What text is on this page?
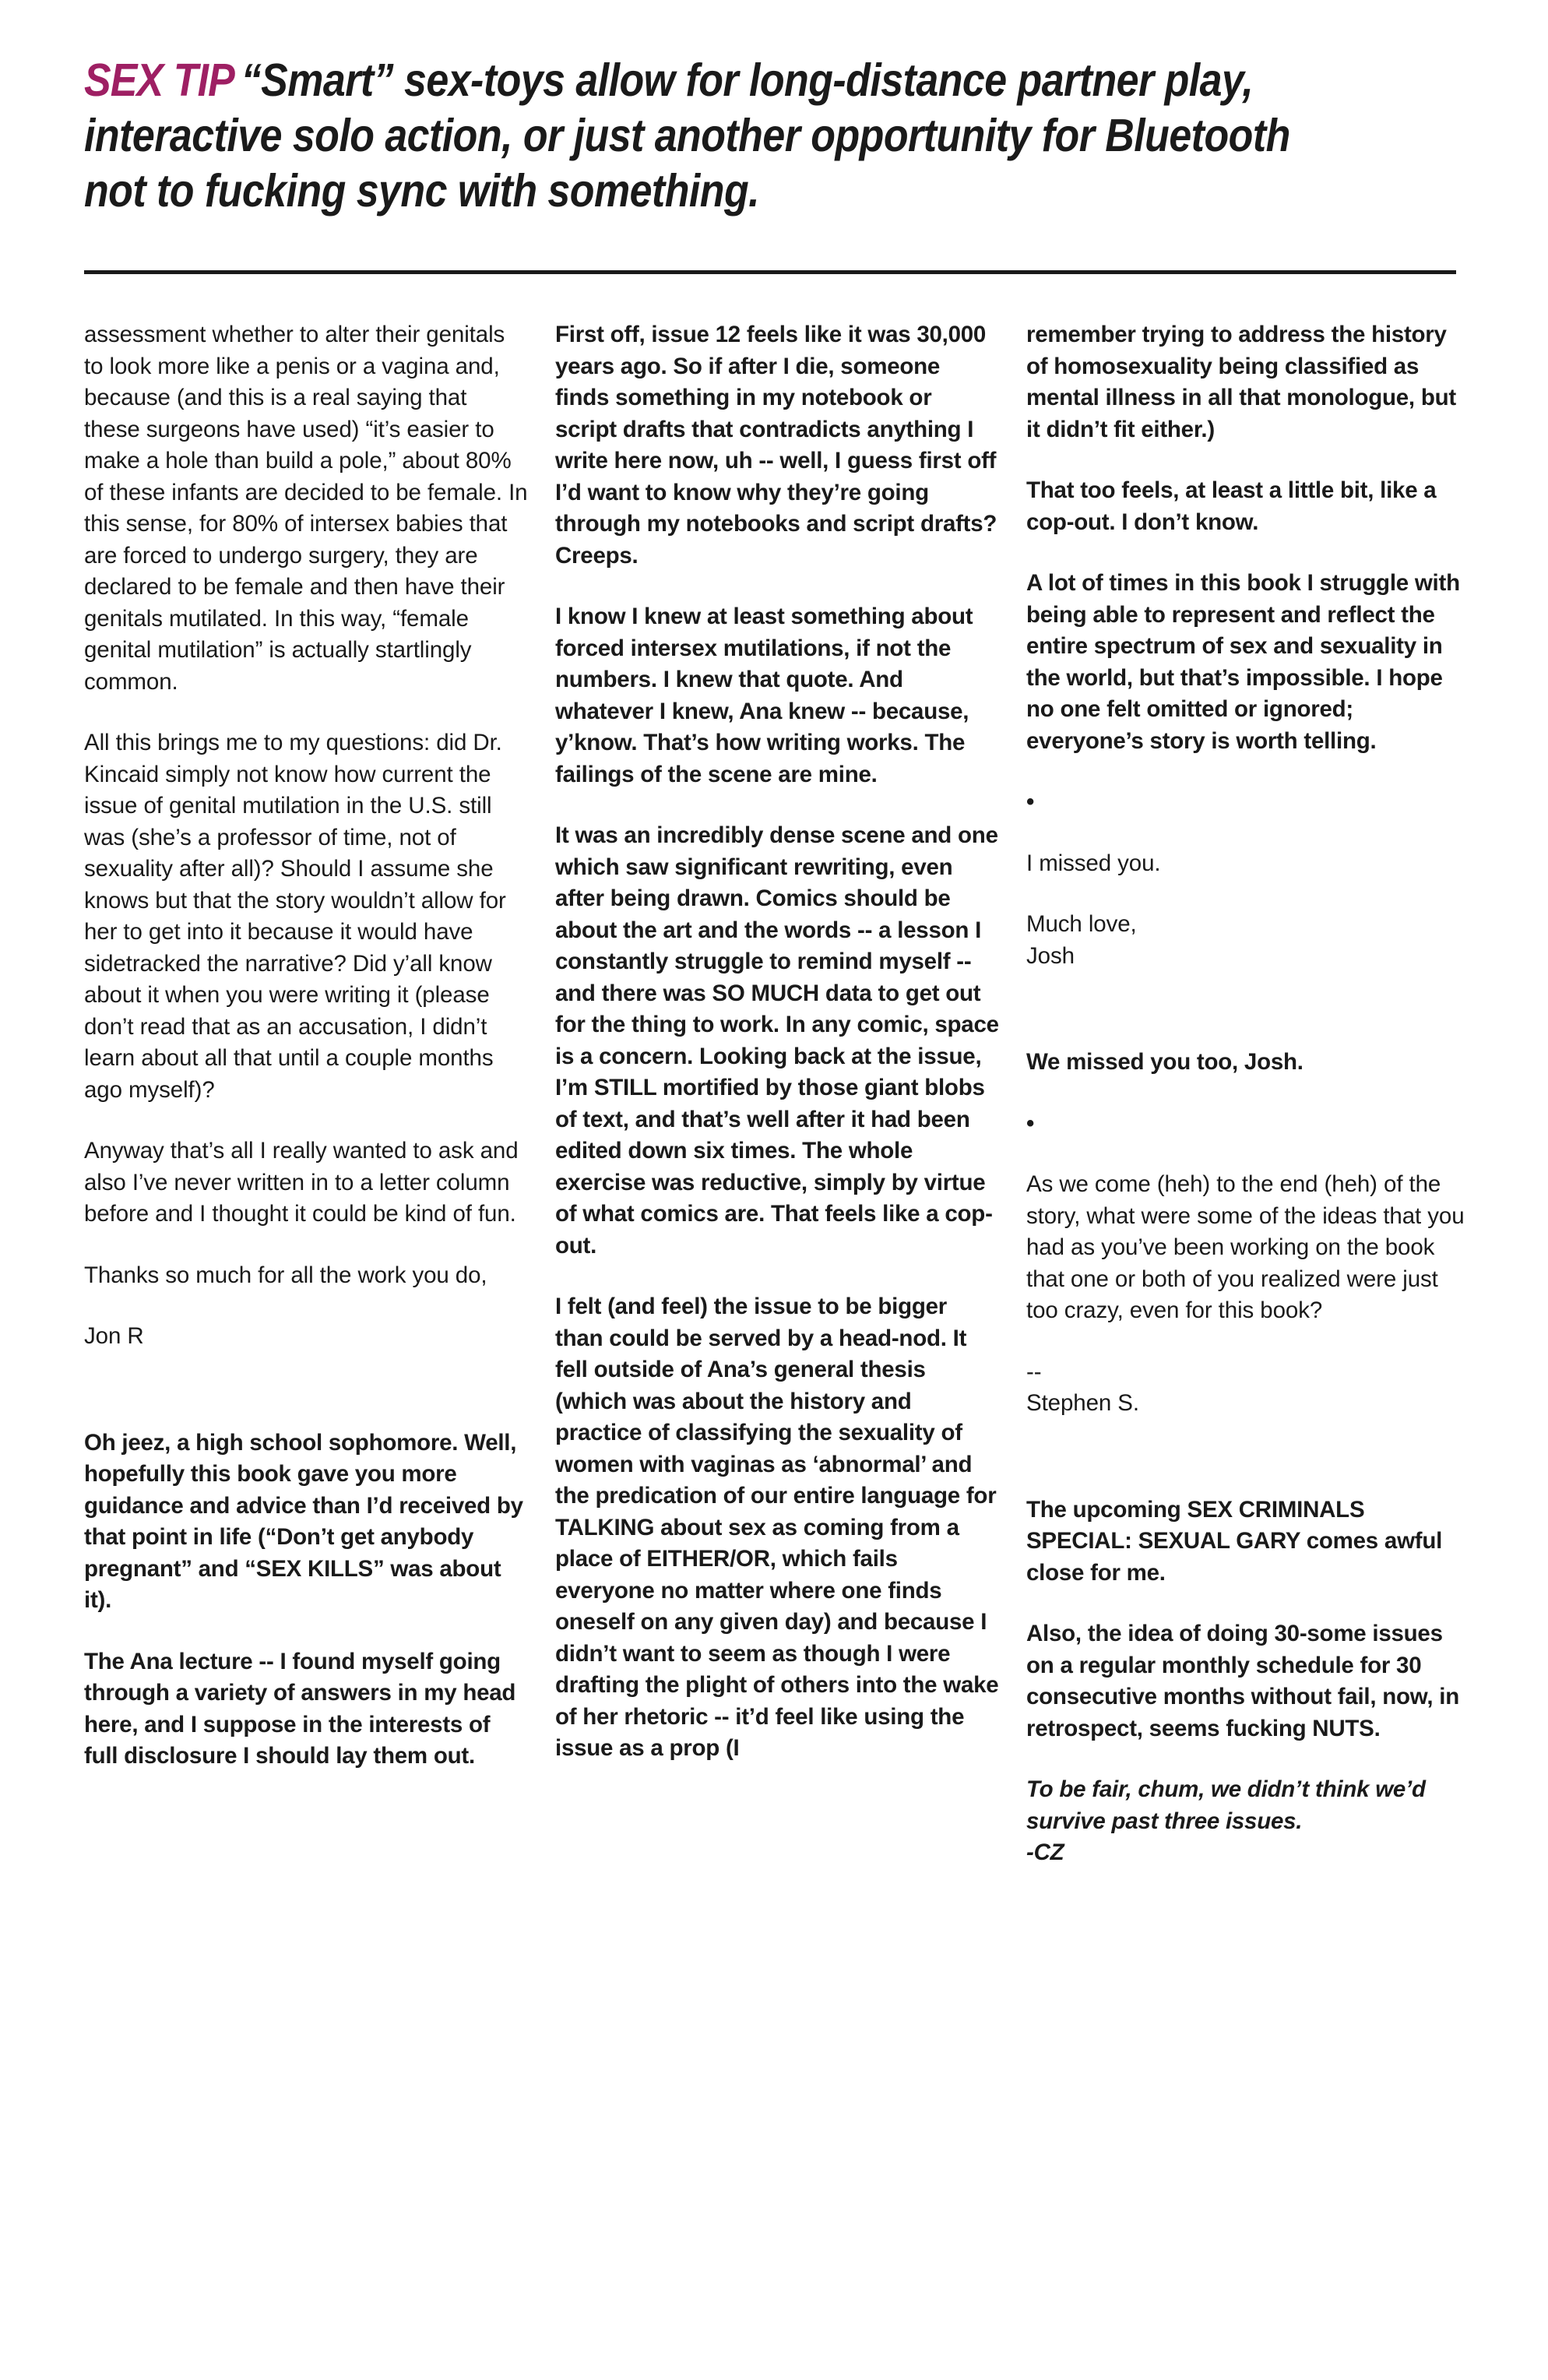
SEX TIP “Smart” sex-toys allow for long-distance partner play, interactive solo action, or just another opportunity for Bluetooth not to fucking sync with something.

assessment whether to alter their genitals to look more like a penis or a vagina and, because (and this is a real saying that these surgeons have used) “it’s easier to make a hole than build a pole,” about 80% of these infants are decided to be female. In this sense, for 80% of intersex babies that are forced to undergo surgery, they are declared to be female and then have their genitals mutilated. In this way, “female genital mutilation” is actually startlingly common.

All this brings me to my questions: did Dr. Kincaid simply not know how current the issue of genital mutilation in the U.S. still was (she’s a professor of time, not of sexuality after all)? Should I assume she knows but that the story wouldn’t allow for her to get into it because it would have sidetracked the narrative? Did y’all know about it when you were writing it (please don’t read that as an accusation, I didn’t learn about all that until a couple months ago myself)?

Anyway that’s all I really wanted to ask and also I’ve never written in to a letter column before and I thought it could be kind of fun.

Thanks so much for all the work you do,

Jon R

Oh jeez, a high school sophomore. Well, hopefully this book gave you more guidance and advice than I’d received by that point in life (“Don’t get anybody pregnant” and “SEX KILLS” was about it).

The Ana lecture -- I found myself going through a variety of answers in my head here, and I suppose in the interests of full disclosure I should lay them out.

First off, issue 12 feels like it was 30,000 years ago. So if after I die, someone finds something in my notebook or script drafts that contradicts anything I write here now, uh -- well, I guess first off I’d want to know why they’re going through my notebooks and script drafts? Creeps.

I know I knew at least something about forced intersex mutilations, if not the numbers. I knew that quote. And whatever I knew, Ana knew -- because, y’know. That’s how writing works. The failings of the scene are mine.

It was an incredibly dense scene and one which saw significant rewriting, even after being drawn. Comics should be about the art and the words -- a lesson I constantly struggle to remind myself -- and there was SO MUCH data to get out for the thing to work. In any comic, space is a concern. Looking back at the issue, I’m STILL mortified by those giant blobs of text, and that’s well after it had been edited down six times. The whole exercise was reductive, simply by virtue of what comics are. That feels like a cop-out.

I felt (and feel) the issue to be bigger than could be served by a head-nod. It fell outside of Ana’s general thesis (which was about the history and practice of classifying the sexuality of women with vaginas as ‘abnormal’ and the predication of our entire language for TALKING about sex as coming from a place of EITHER/OR, which fails everyone no matter where one finds oneself on any given day) and because I didn’t want to seem as though I were drafting the plight of others into the wake of her rhetoric -- it’d feel like using the issue as a prop (I

remember trying to address the history of homosexuality being classified as mental illness in all that monologue, but it didn’t fit either.)

That too feels, at least a little bit, like a cop-out. I don’t know.

A lot of times in this book I struggle with being able to represent and reflect the entire spectrum of sex and sexuality in the world, but that’s impossible. I hope no one felt omitted or ignored; everyone’s story is worth telling.

•

I missed you.

Much love,

Josh

We missed you too, Josh.

•

As we come (heh) to the end (heh) of the story, what were some of the ideas that you had as you’ve been working on the book that one or both of you realized were just too crazy, even for this book?

--

Stephen S.

The upcoming SEX CRIMINALS SPECIAL: SEXUAL GARY comes awful close for me.

Also, the idea of doing 30-some issues on a regular monthly schedule for 30 consecutive months without fail, now, in retrospect, seems fucking NUTS.

To be fair, chum, we didn’t think we’d survive past three issues.

-CZ
